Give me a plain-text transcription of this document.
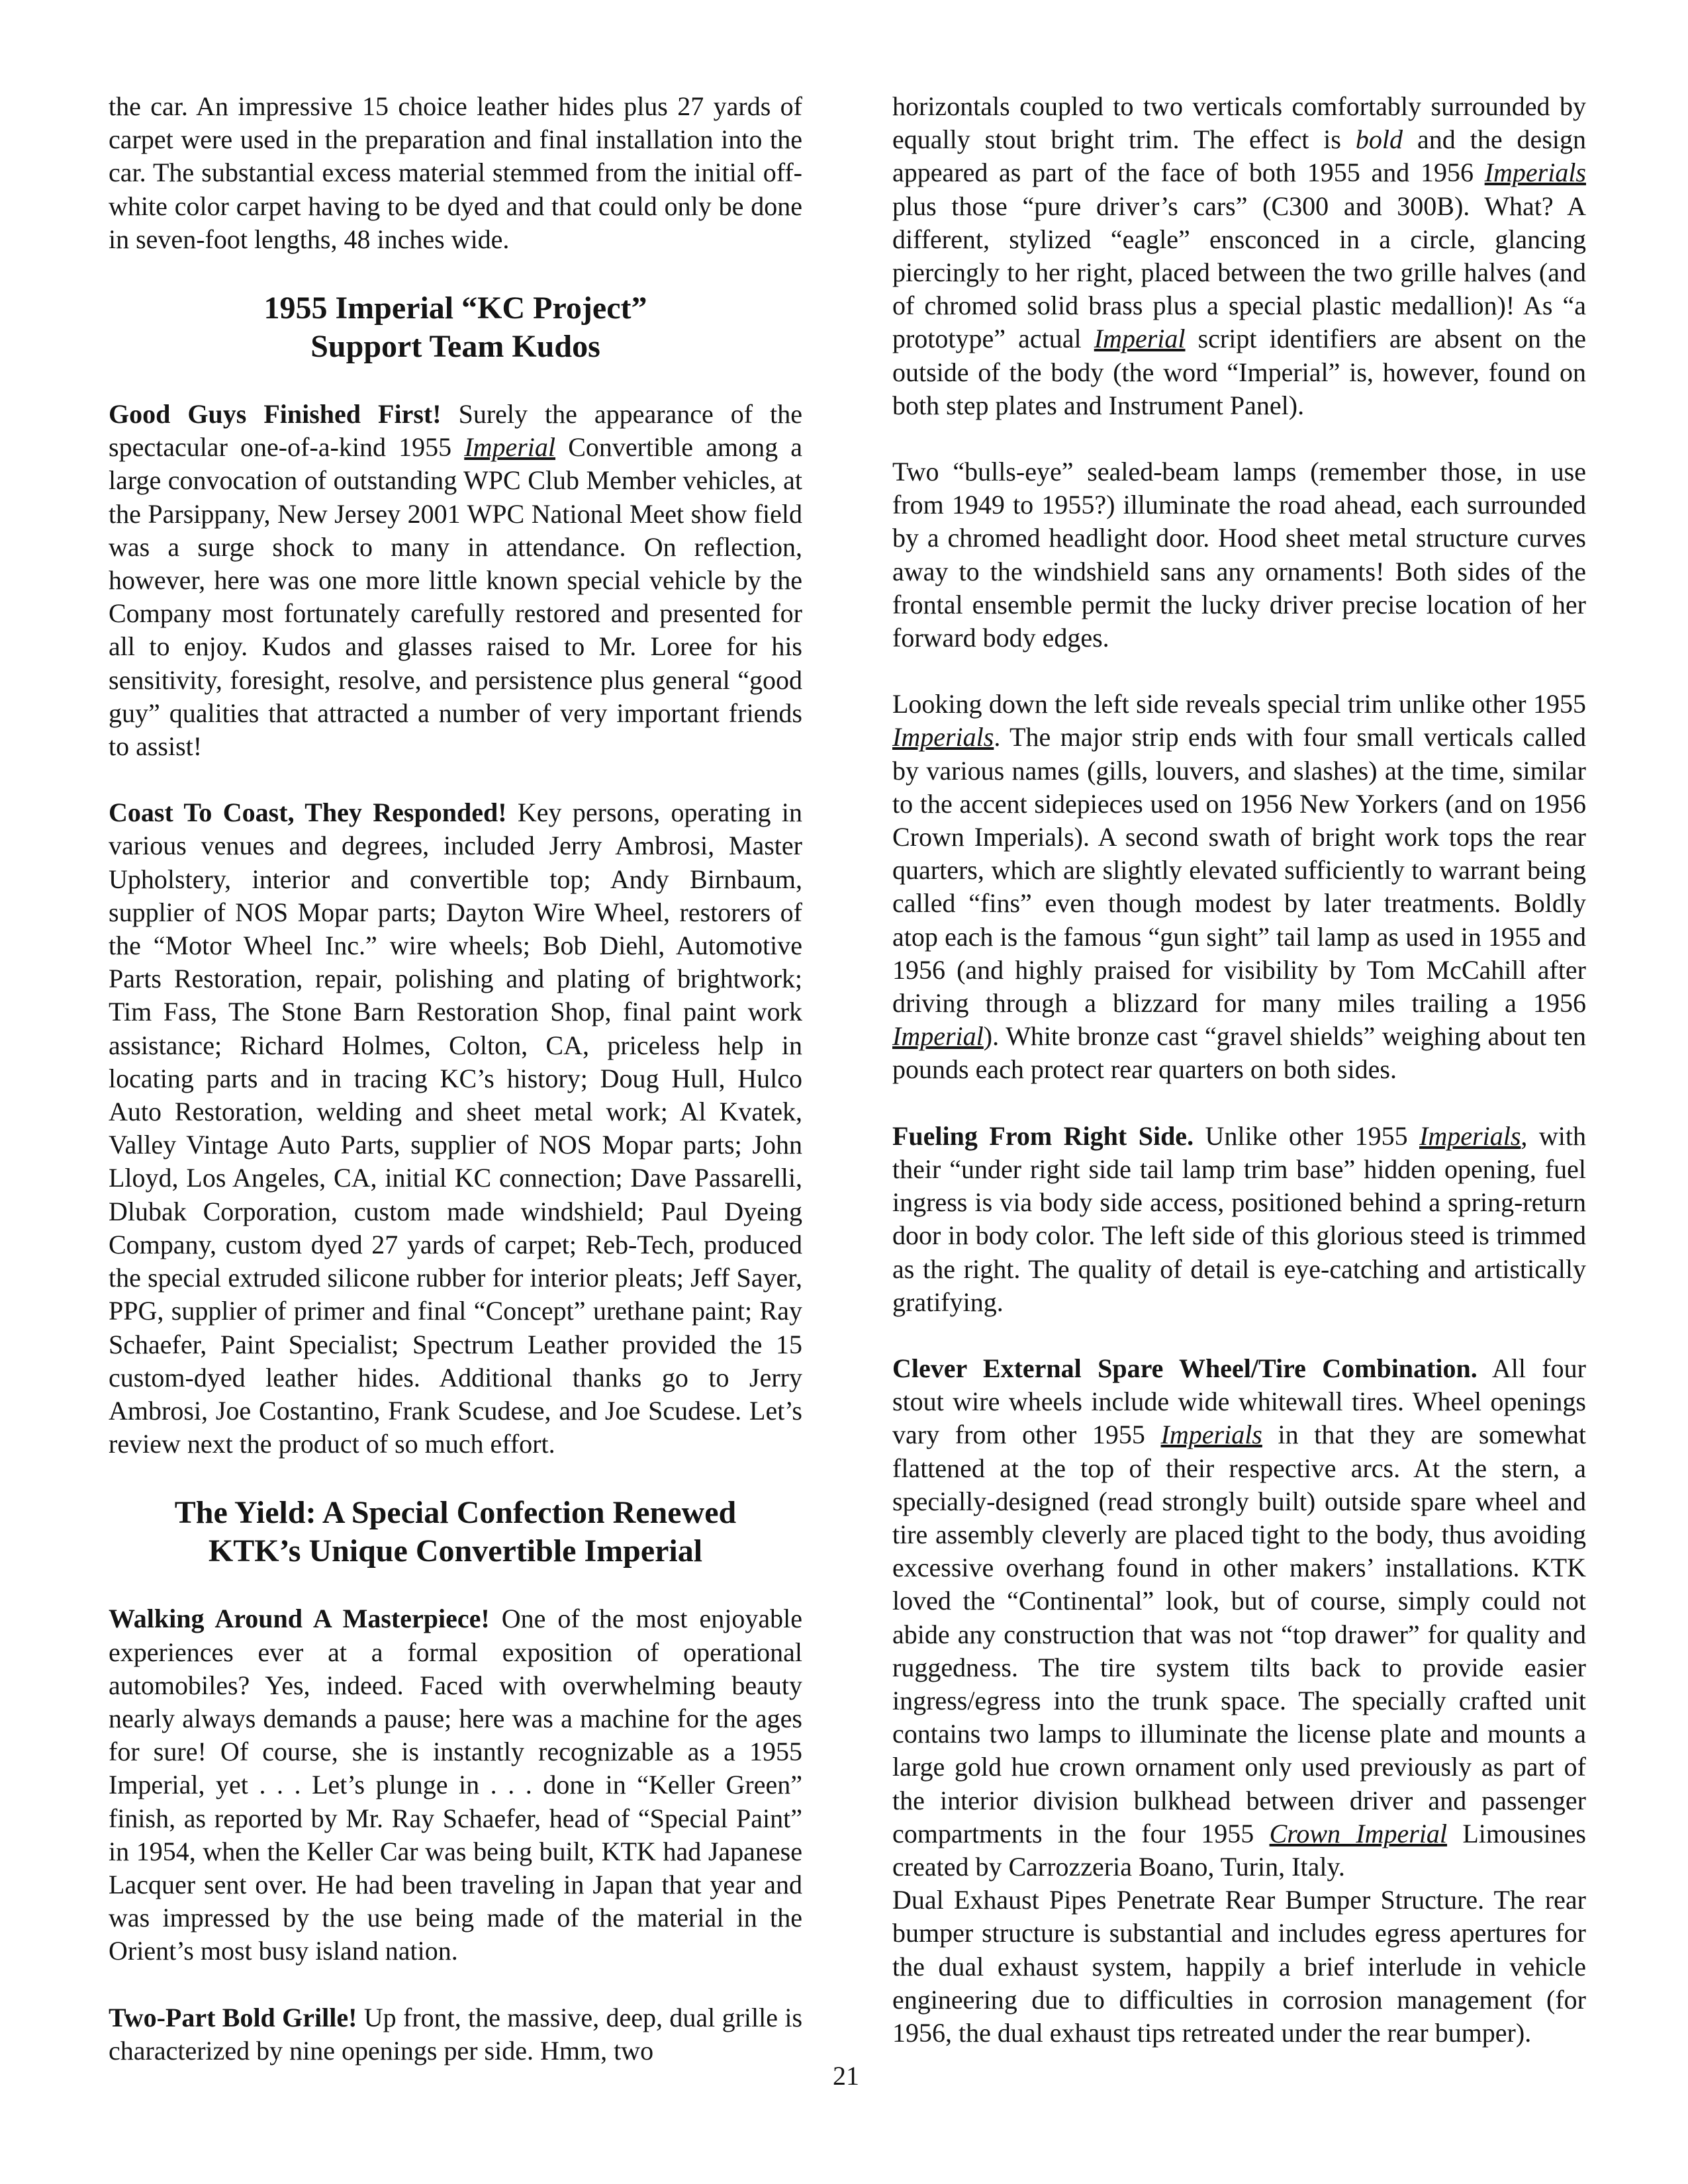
the car. An impressive 15 choice leather hides plus 27 yards of carpet were used in the preparation and final installation into the car. The substantial excess material stemmed from the initial off-white color carpet having to be dyed and that could only be done in seven-foot lengths, 48 inches wide.

1955 Imperial “KC Project”
Support Team Kudos

Good Guys Finished First! Surely the appearance of the spectacular one-of-a-kind 1955 Imperial Convertible among a large convocation of outstanding WPC Club Member vehicles, at the Parsippany, New Jersey 2001 WPC National Meet show field was a surge shock to many in attendance. On reflection, however, here was one more little known special vehicle by the Company most fortunately carefully restored and presented for all to enjoy. Kudos and glasses raised to Mr. Loree for his sensitivity, foresight, resolve, and persistence plus general “good guy” qualities that attracted a number of very important friends to assist!

Coast To Coast, They Responded! Key persons, operating in various venues and degrees, included Jerry Ambrosi, Master Upholstery, interior and convertible top; Andy Birnbaum, supplier of NOS Mopar parts; Dayton Wire Wheel, restorers of the “Motor Wheel Inc.” wire wheels; Bob Diehl, Automotive Parts Restoration, repair, polishing and plating of brightwork; Tim Fass, The Stone Barn Restoration Shop, final paint work assistance; Richard Holmes, Colton, CA, priceless help in locating parts and in tracing KC’s history; Doug Hull, Hulco Auto Restoration, welding and sheet metal work; Al Kvatek, Valley Vintage Auto Parts, supplier of NOS Mopar parts; John Lloyd, Los Angeles, CA, initial KC connection; Dave Passarelli, Dlubak Corporation, custom made windshield; Paul Dyeing Company, custom dyed 27 yards of carpet; Reb-Tech, produced the special extruded silicone rubber for interior pleats; Jeff Sayer, PPG, supplier of primer and final “Concept” urethane paint; Ray Schaefer, Paint Specialist; Spectrum Leather provided the 15 custom-dyed leather hides. Additional thanks go to Jerry Ambrosi, Joe Costantino, Frank Scudese, and Joe Scudese. Let’s review next the product of so much effort.

The Yield: A Special Confection Renewed
KTK’s Unique Convertible Imperial

Walking Around A Masterpiece! One of the most enjoyable experiences ever at a formal exposition of operational automobiles? Yes, indeed. Faced with overwhelming beauty nearly always demands a pause; here was a machine for the ages for sure! Of course, she is instantly recognizable as a 1955 Imperial, yet . . . Let’s plunge in . . . done in “Keller Green” finish, as reported by Mr. Ray Schaefer, head of “Special Paint” in 1954, when the Keller Car was being built, KTK had Japanese Lacquer sent over. He had been traveling in Japan that year and was impressed by the use being made of the material in the Orient’s most busy island nation.

Two-Part Bold Grille! Up front, the massive, deep, dual grille is characterized by nine openings per side. Hmm, two

horizontals coupled to two verticals comfortably surrounded by equally stout bright trim. The effect is bold and the design appeared as part of the face of both 1955 and 1956 Imperials plus those “pure driver’s cars” (C300 and 300B). What? A different, stylized “eagle” ensconced in a circle, glancing piercingly to her right, placed between the two grille halves (and of chromed solid brass plus a special plastic medallion)! As “a prototype” actual Imperial script identifiers are absent on the outside of the body (the word “Imperial” is, however, found on both step plates and Instrument Panel).

Two “bulls-eye” sealed-beam lamps (remember those, in use from 1949 to 1955?) illuminate the road ahead, each surrounded by a chromed headlight door. Hood sheet metal structure curves away to the windshield sans any ornaments! Both sides of the frontal ensemble permit the lucky driver precise location of her forward body edges.

Looking down the left side reveals special trim unlike other 1955 Imperials. The major strip ends with four small verticals called by various names (gills, louvers, and slashes) at the time, similar to the accent sidepieces used on 1956 New Yorkers (and on 1956 Crown Imperials). A second swath of bright work tops the rear quarters, which are slightly elevated sufficiently to warrant being called “fins” even though modest by later treatments. Boldly atop each is the famous “gun sight” tail lamp as used in 1955 and 1956 (and highly praised for visibility by Tom McCahill after driving through a blizzard for many miles trailing a 1956 Imperial). White bronze cast “gravel shields” weighing about ten pounds each protect rear quarters on both sides.

Fueling From Right Side. Unlike other 1955 Imperials, with their “under right side tail lamp trim base” hidden opening, fuel ingress is via body side access, positioned behind a spring-return door in body color. The left side of this glorious steed is trimmed as the right. The quality of detail is eye-catching and artistically gratifying.

Clever External Spare Wheel/Tire Combination. All four stout wire wheels include wide whitewall tires. Wheel openings vary from other 1955 Imperials in that they are somewhat flattened at the top of their respective arcs. At the stern, a specially-designed (read strongly built) outside spare wheel and tire assembly cleverly are placed tight to the body, thus avoiding excessive overhang found in other makers’ installations. KTK loved the “Continental” look, but of course, simply could not abide any construction that was not “top drawer” for quality and ruggedness. The tire system tilts back to provide easier ingress/egress into the trunk space. The specially crafted unit contains two lamps to illuminate the license plate and mounts a large gold hue crown ornament only used previously as part of the interior division bulkhead between driver and passenger compartments in the four 1955 Crown Imperial Limousines created by Carrozzeria Boano, Turin, Italy.

Dual Exhaust Pipes Penetrate Rear Bumper Structure. The rear bumper structure is substantial and includes egress apertures for the dual exhaust system, happily a brief interlude in vehicle engineering due to difficulties in corrosion management (for 1956, the dual exhaust tips retreated under the rear bumper).

21
